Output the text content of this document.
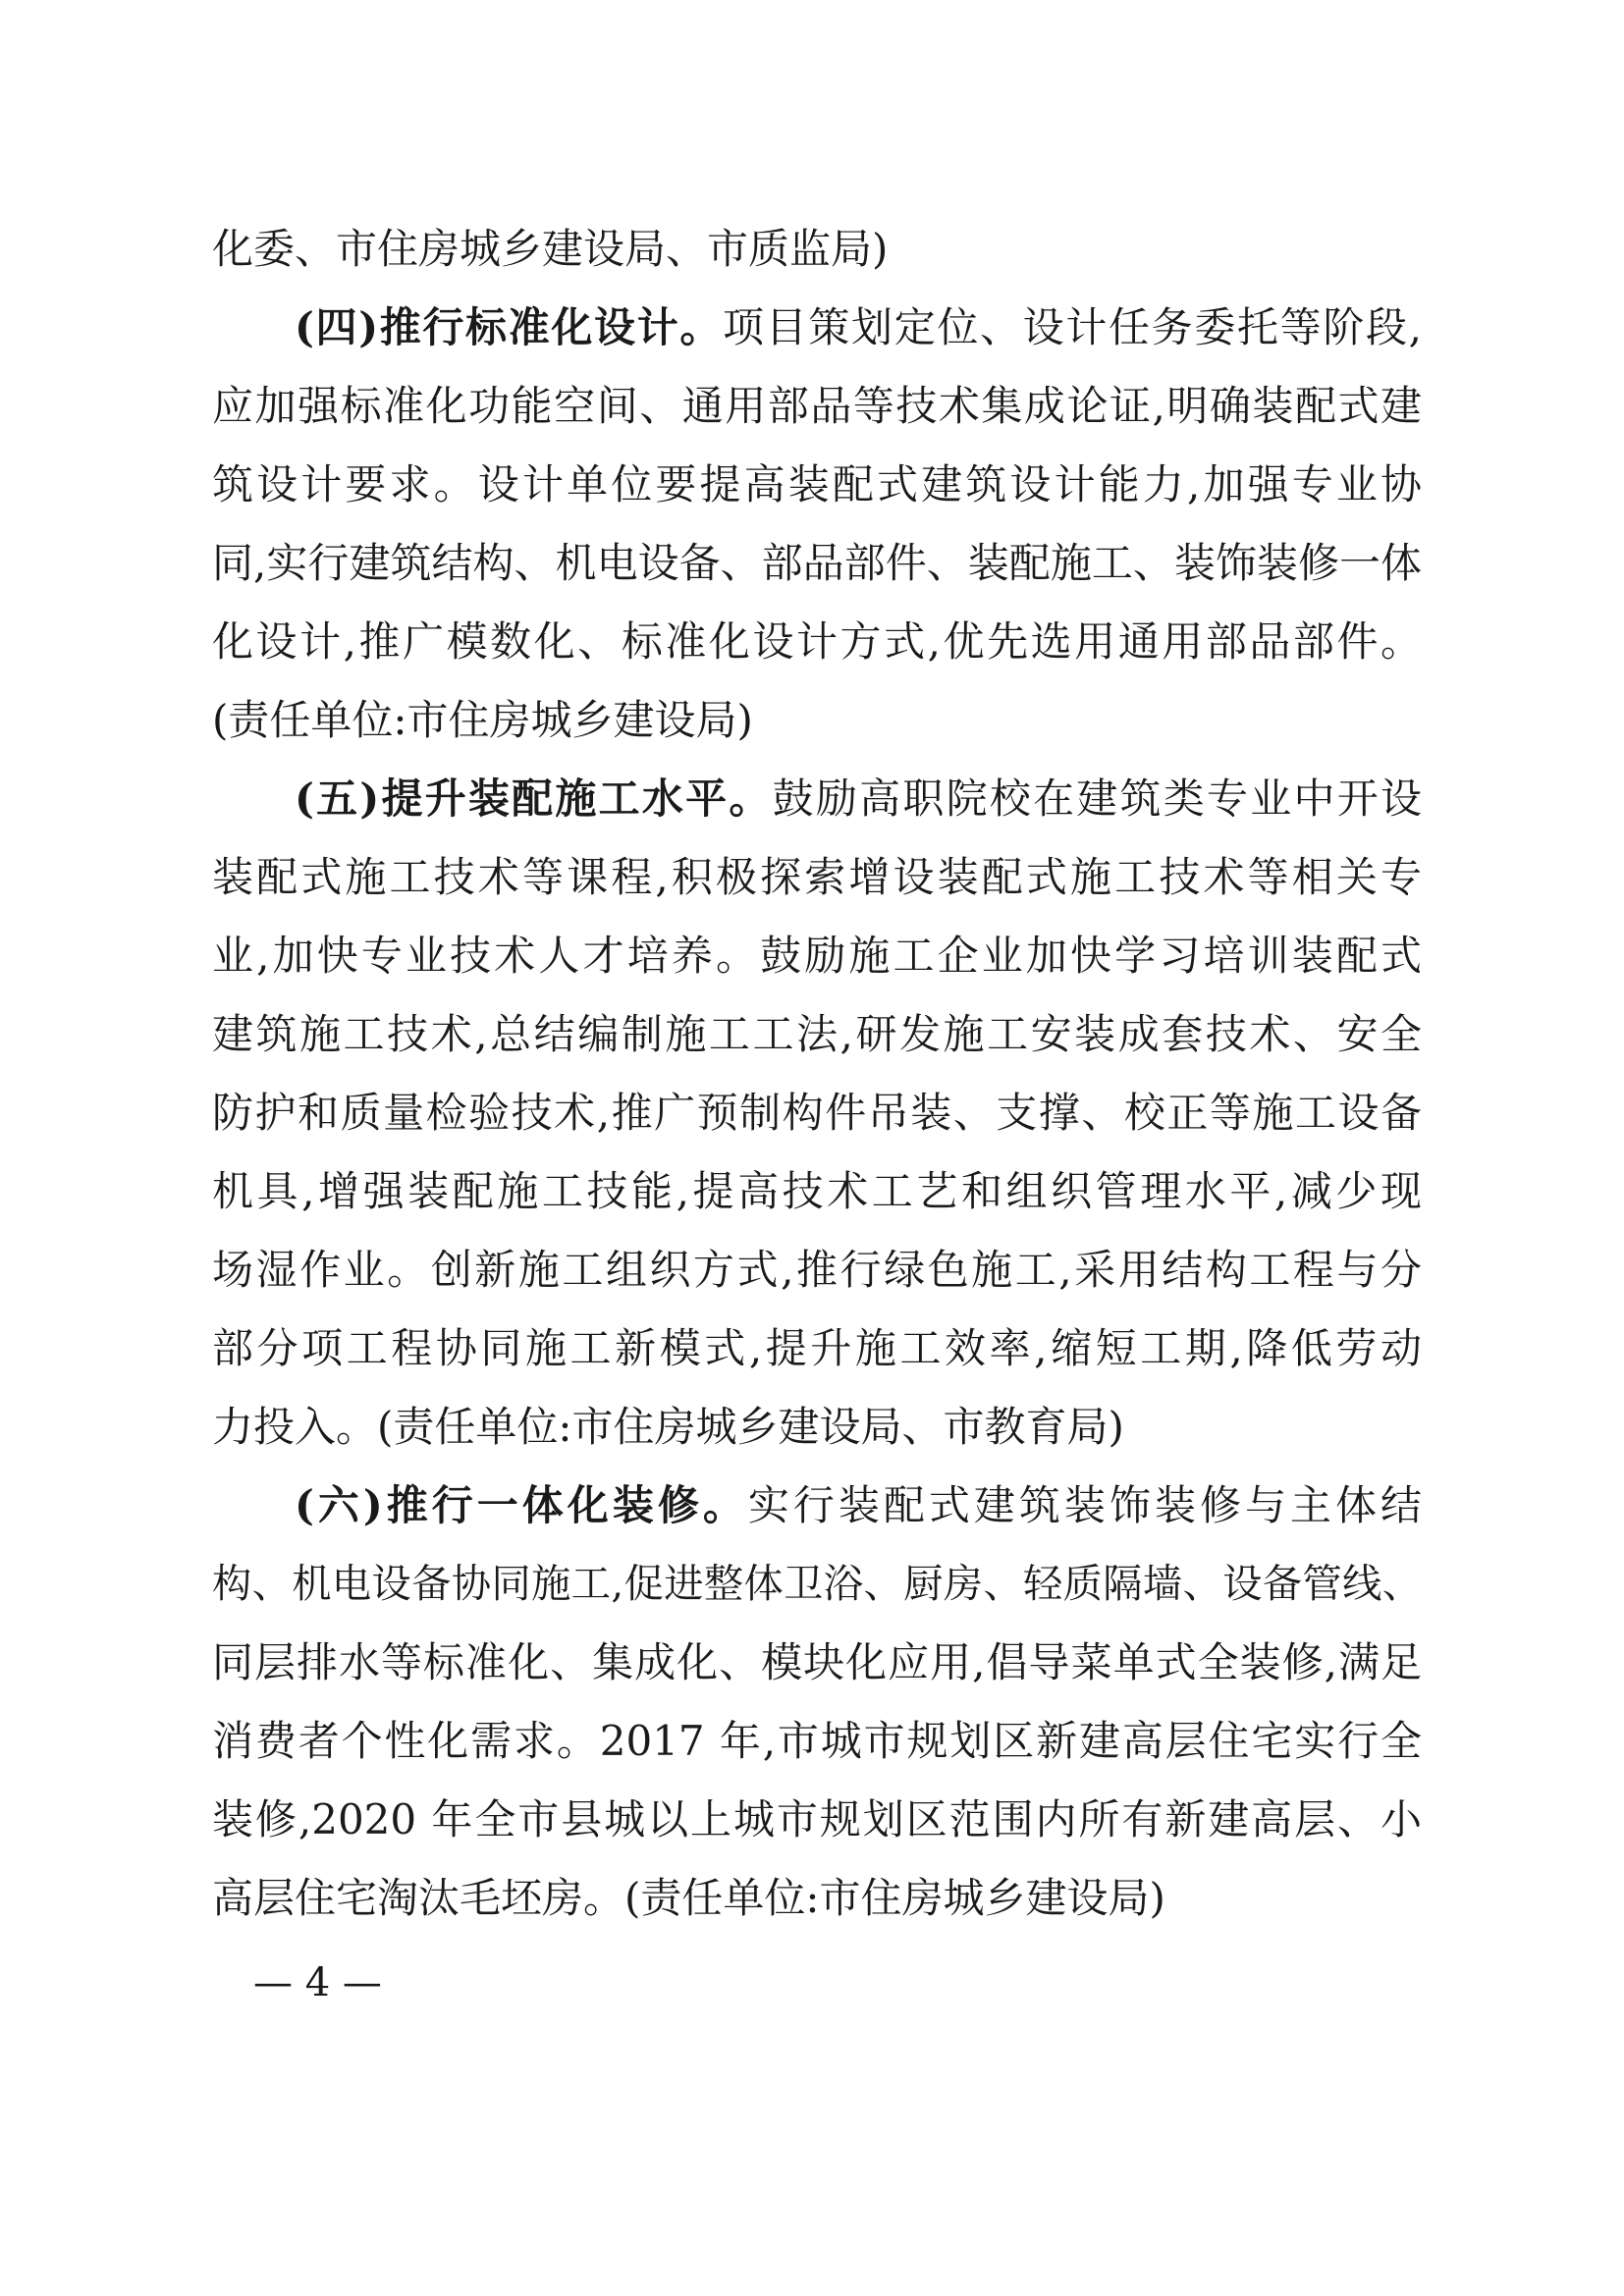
化委、市住房城乡建设局、市质监局)
(四)推行标准化设计。项目策划定位、设计任务委托等阶段,
应加强标准化功能空间、通用部品等技术集成论证,明确装配式建
筑设计要求。设计单位要提高装配式建筑设计能力,加强专业协
同,实行建筑结构、机电设备、部品部件、装配施工、装饰装修一体
化设计,推广模数化、标准化设计方式,优先选用通用部品部件。
(责任单位:市住房城乡建设局)
(五)提升装配施工水平。鼓励高职院校在建筑类专业中开设
装配式施工技术等课程,积极探索增设装配式施工技术等相关专
业,加快专业技术人才培养。鼓励施工企业加快学习培训装配式
建筑施工技术,总结编制施工工法,研发施工安装成套技术、安全
防护和质量检验技术,推广预制构件吊装、支撑、校正等施工设备
机具,增强装配施工技能,提高技术工艺和组织管理水平,减少现
场湿作业。创新施工组织方式,推行绿色施工,采用结构工程与分
部分项工程协同施工新模式,提升施工效率,缩短工期,降低劳动
力投入。(责任单位:市住房城乡建设局、市教育局)
(六)推行一体化装修。实行装配式建筑装饰装修与主体结
构、机电设备协同施工,促进整体卫浴、厨房、轻质隔墙、设备管线、
同层排水等标准化、集成化、模块化应用,倡导菜单式全装修,满足
消费者个性化需求。2017 年,市城市规划区新建高层住宅实行全
装修,2020 年全市县城以上城市规划区范围内所有新建高层、小
高层住宅淘汰毛坯房。(责任单位:市住房城乡建设局)
— 4 —
